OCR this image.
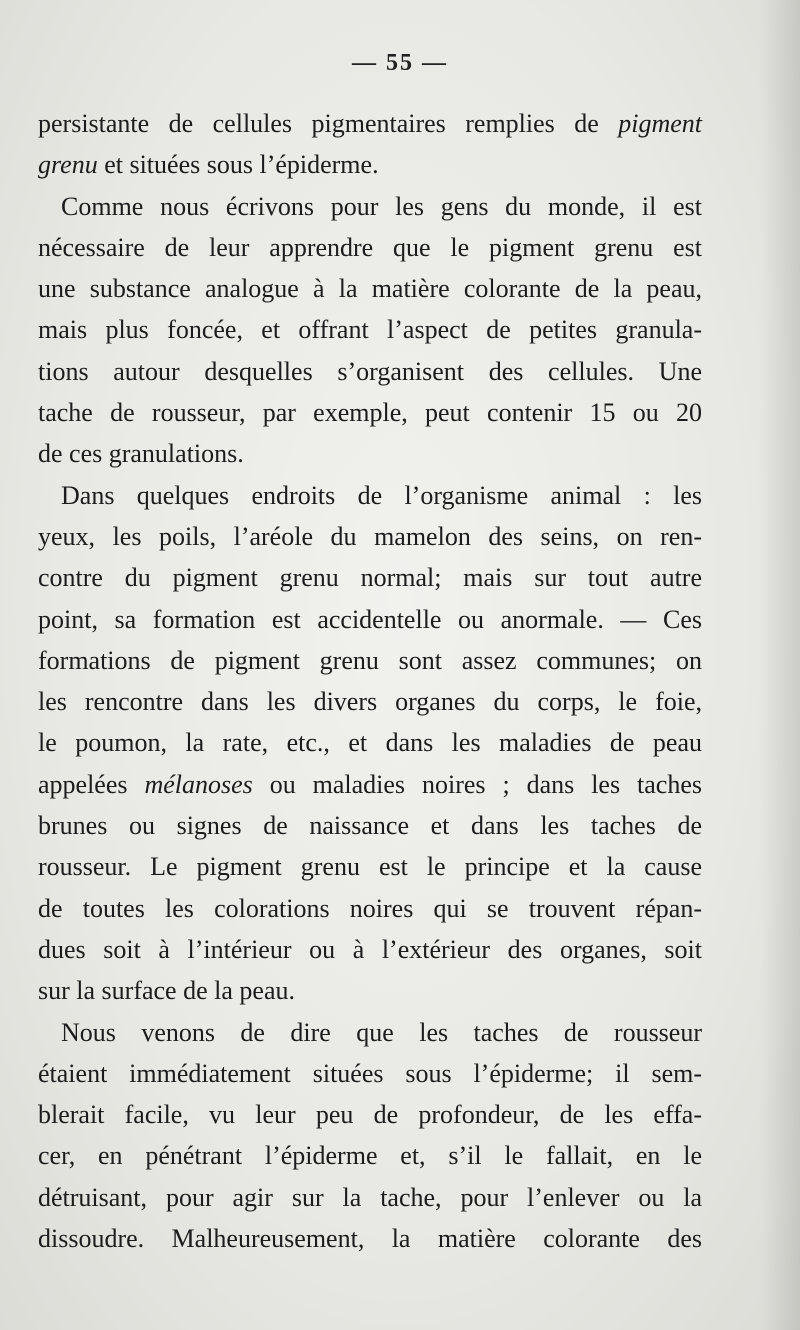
— 55 —
persistante de cellules pigmentaires remplies de pigment
grenu et situées sous l’épiderme.
Comme nous écrivons pour les gens du monde, il est
nécessaire de leur apprendre que le pigment grenu est
une substance analogue à la matière colorante de la peau,
mais plus foncée, et offrant l’aspect de petites granula-
tions autour desquelles s’organisent des cellules. Une
tache de rousseur, par exemple, peut contenir 15 ou 20
de ces granulations.
Dans quelques endroits de l’organisme animal : les
yeux, les poils, l’aréole du mamelon des seins, on ren-
contre du pigment grenu normal; mais sur tout autre
point, sa formation est accidentelle ou anormale. — Ces
formations de pigment grenu sont assez communes; on
les rencontre dans les divers organes du corps, le foie,
le poumon, la rate, etc., et dans les maladies de peau
appelées mélanoses ou maladies noires ; dans les taches
brunes ou signes de naissance et dans les taches de
rousseur. Le pigment grenu est le principe et la cause
de toutes les colorations noires qui se trouvent répan-
dues soit à l’intérieur ou à l’extérieur des organes, soit
sur la surface de la peau.
Nous venons de dire que les taches de rousseur
étaient immédiatement situées sous l’épiderme; il sem-
blerait facile, vu leur peu de profondeur, de les effa-
cer, en pénétrant l’épiderme et, s’il le fallait, en le
détruisant, pour agir sur la tache, pour l’enlever ou la
dissoudre. Malheureusement, la matière colorante des
